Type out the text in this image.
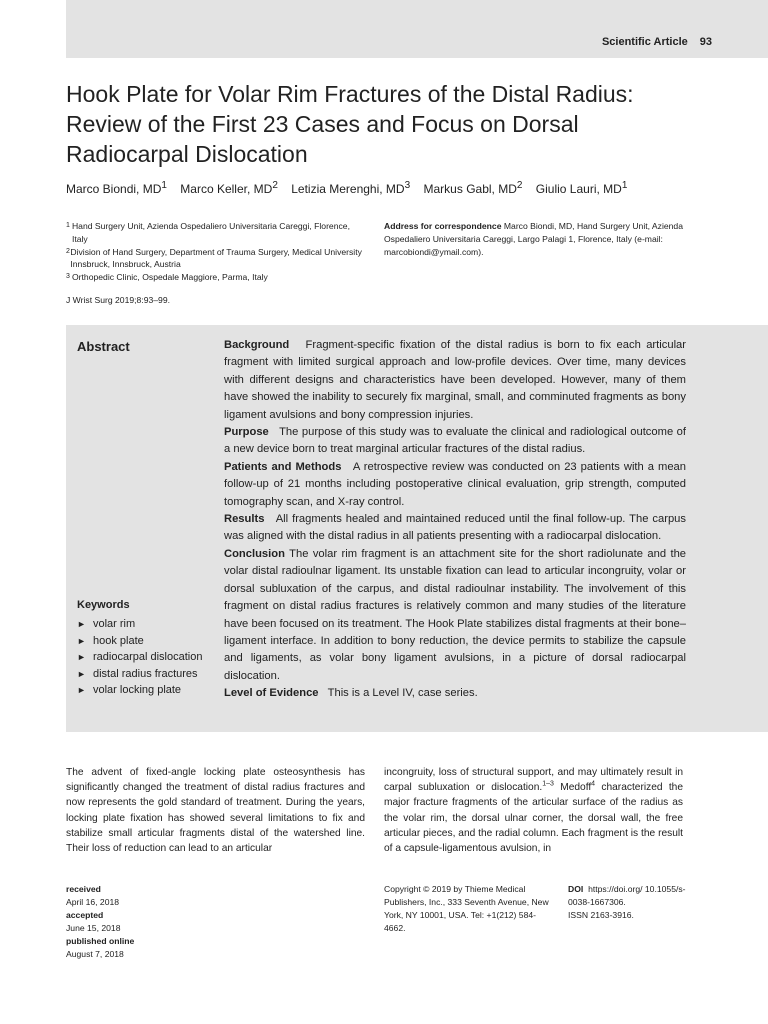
Scientific Article 93
Hook Plate for Volar Rim Fractures of the Distal Radius: Review of the First 23 Cases and Focus on Dorsal Radiocarpal Dislocation
Marco Biondi, $MD^1$ Marco Keller, $MD^2$ Letizia Merenghi, $MD^3$ Markus Gabl, $MD^2$ Giulio Lauri, $MD^1$
1 Hand Surgery Unit, Azienda Ospedaliero Universitaria Careggi, Florence, Italy
2 Division of Hand Surgery, Department of Trauma Surgery, Medical University Innsbruck, Innsbruck, Austria
3 Orthopedic Clinic, Ospedale Maggiore, Parma, Italy
Address for correspondence Marco Biondi, MD, Hand Surgery Unit, Azienda Ospedaliero Universitaria Careggi, Largo Palagi 1, Florence, Italy (e-mail: marcobiondi@ymail.com).
J Wrist Surg 2019;8:93–99.
Abstract	Background Fragment-specific fixation of the distal radius is born to fix each articular fragment with limited surgical approach and low-profile devices. Over time, many devices with different designs and characteristics have been developed. However, many of them have showed the inability to securely fix marginal, small, and comminuted fragments as bony ligament avulsions and bony compression injuries.

Purpose The purpose of this study was to evaluate the clinical and radiological outcome of a new device born to treat marginal articular fractures of the distal radius.

Patients and Methods A retrospective review was conducted on 23 patients with a mean follow-up of 21 months including postoperative clinical evaluation, grip strength, computed tomography scan, and X-ray control.

Results All fragments healed and maintained reduced until the final follow-up. The carpus was aligned with the distal radius in all patients presenting with a radiocarpal dislocation.

Conclusion The volar rim fragment is an attachment site for the short radiolunate and the volar distal radioulnar ligament. Its unstable fixation can lead to articular incongruity, volar or dorsal subluxation of the carpus, and distal radioulnar instability. The involvement of this fragment on distal radius fractures is relatively common and many studies of the literature have been focused on its treatment. The Hook Plate stabilizes distal fragments at their bone–ligament interface. In addition to bony reduction, the device permits to stabilize the capsule and ligaments, as volar bony ligament avulsions, in a picture of dorsal radiocarpal dislocation.

Level of Evidence This is a Level IV, case series.

Keywords
► volar rim
► hook plate
► radiocarpal dislocation
► distal radius fractures
► volar locking plate

The advent of fixed-angle locking plate osteosynthesis has significantly changed the treatment of distal radius fractures and now represents the gold standard of treatment. During the years, locking plate fixation has showed several limitations to fix and stabilize small articular fragments distal of the watershed line. Their loss of reduction can lead to an articular

incongruity, loss of structural support, and may ultimately result in carpal subluxation or dislocation.$^{1-3}$ Medoff$^4$ characterized the major fracture fragments of the articular surface of the radius as the volar rim, the dorsal ulnar corner, the dorsal wall, the free articular pieces, and the radial column. Each fragment is the result of a capsule-ligamentous avulsion, in

received
April 16, 2018
accepted
June 15, 2018
published online
August 7, 2018
Copyright © 2019 by Thieme Medical Publishers, Inc., 333 Seventh Avenue, New York, NY 10001, USA. Tel: +1(212) 584-4662.
DOI https://doi.org/ 10.1055/s-0038-1667306.
ISSN 2163-3916.
